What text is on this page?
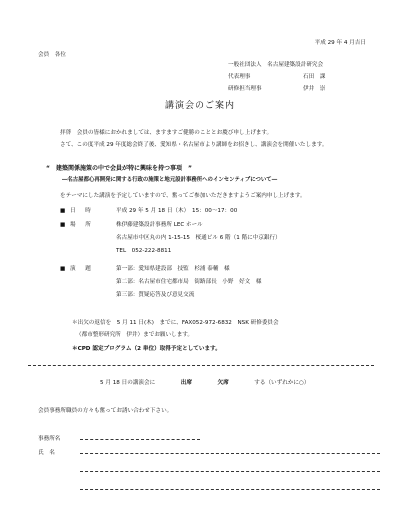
平成 29 年 4 月吉日
会員　各位
一般社団法人　名古屋建築設計研究会
代表理事	石田　課
研修担当理事	伊井　崇
講演会のご案内
拝啓　会員の皆様におかれましては、ますますご健勝のこととお慶び申し上げます。
さて、この度平成 29 年度総会終了後、愛知県・名古屋市より講師をお招きし、講演会を開催いたします。
“　建築関係施策の中で会員が特に興味を持つ事項　”
―名古屋都心再開発に関する行政の施策と地元設計事務所へのインセンティブについて―
をテーマにした講演を予定していますので、奮ってご参加いただきますようご案内申し上げます。
■ 日　時	平成 29 年 5 月 18 日（木）　15：00～17：00
■ 場　所	株伊藤建築設計事務所 LEC ホール
名古屋市中区丸の内 1-15-15　桜通ビル 6 階（1 階に中京銀行）
TEL　052-222-8811
■ 演　題	第一部：愛知県建設部　技監　杉浦 泰輔　様
第二部：名古屋市住宅都市局　街路部長　小野　好文　様
第三部：質疑応答及び意見交流
＊出欠の返信を　5 月 11 日(木)　までに、FAX052-972-6832　NSK 研修委員会
（都市整形研究所　伊井）までお願いします。
＊CPD 認定プログラム（2 単位）取得予定としています。
5 月 18 日の講演会に	出席	欠席	する（いずれかに○）
会員事務所職員の方々も奮ってお誘い合わせ下さい。
事務所名
氏　名
